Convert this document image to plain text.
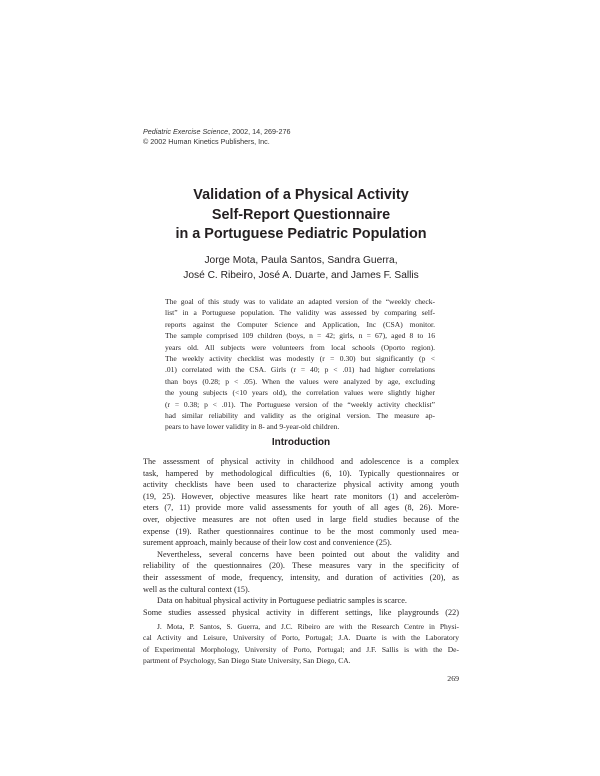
Pediatric Exercise Science, 2002, 14, 269-276
© 2002 Human Kinetics Publishers, Inc.
Validation of a Physical Activity
Self-Report Questionnaire
in a Portuguese Pediatric Population
Jorge Mota, Paula Santos, Sandra Guerra,
José C. Ribeiro, José A. Duarte, and James F. Sallis
The goal of this study was to validate an adapted version of the “weekly check-
list” in a Portuguese population. The validity was assessed by comparing self-
reports against the Computer Science and Application, Inc (CSA) monitor.
The sample comprised 109 children (boys, n = 42; girls, n = 67), aged 8 to 16
years old. All subjects were volunteers from local schools (Oporto region).
The weekly activity checklist was modestly (r = 0.30) but significantly (p <
.01) correlated with the CSA. Girls (r = 40; p < .01) had higher correlations
than boys (0.28; p < .05). When the values were analyzed by age, excluding
the young subjects (<10 years old), the correlation values were slightly higher
(r = 0.38; p < .01). The Portuguese version of the “weekly activity checklist”
had similar reliability and validity as the original version. The measure ap-
pears to have lower validity in 8- and 9-year-old children.
Introduction
The assessment of physical activity in childhood and adolescence is a complex
task, hampered by methodological difficulties (6, 10). Typically questionnaires or
activity checklists have been used to characterize physical activity among youth
(19, 25). However, objective measures like heart rate monitors (1) and acceleròm-
eters (7, 11) provide more valid assessments for youth of all ages (8, 26). More-
over, objective measures are not often used in large field studies because of the
expense (19). Rather questionnaires continue to be the most commonly used mea-
surement approach, mainly because of their low cost and convenience (25).
Nevertheless, several concerns have been pointed out about the validity and
reliability of the questionnaires (20). These measures vary in the specificity of
their assessment of mode, frequency, intensity, and duration of activities (20), as
well as the cultural context (15).
Data on habitual physical activity in Portuguese pediatric samples is scarce.
Some studies assessed physical activity in different settings, like playgrounds (22)
J. Mota, P. Santos, S. Guerra, and J.C. Ribeiro are with the Research Centre in Physi-
cal Activity and Leisure, University of Porto, Portugal; J.A. Duarte is with the Laboratory
of Experimental Morphology, University of Porto, Portugal; and J.F. Sallis is with the De-
partment of Psychology, San Diego State University, San Diego, CA.
269
